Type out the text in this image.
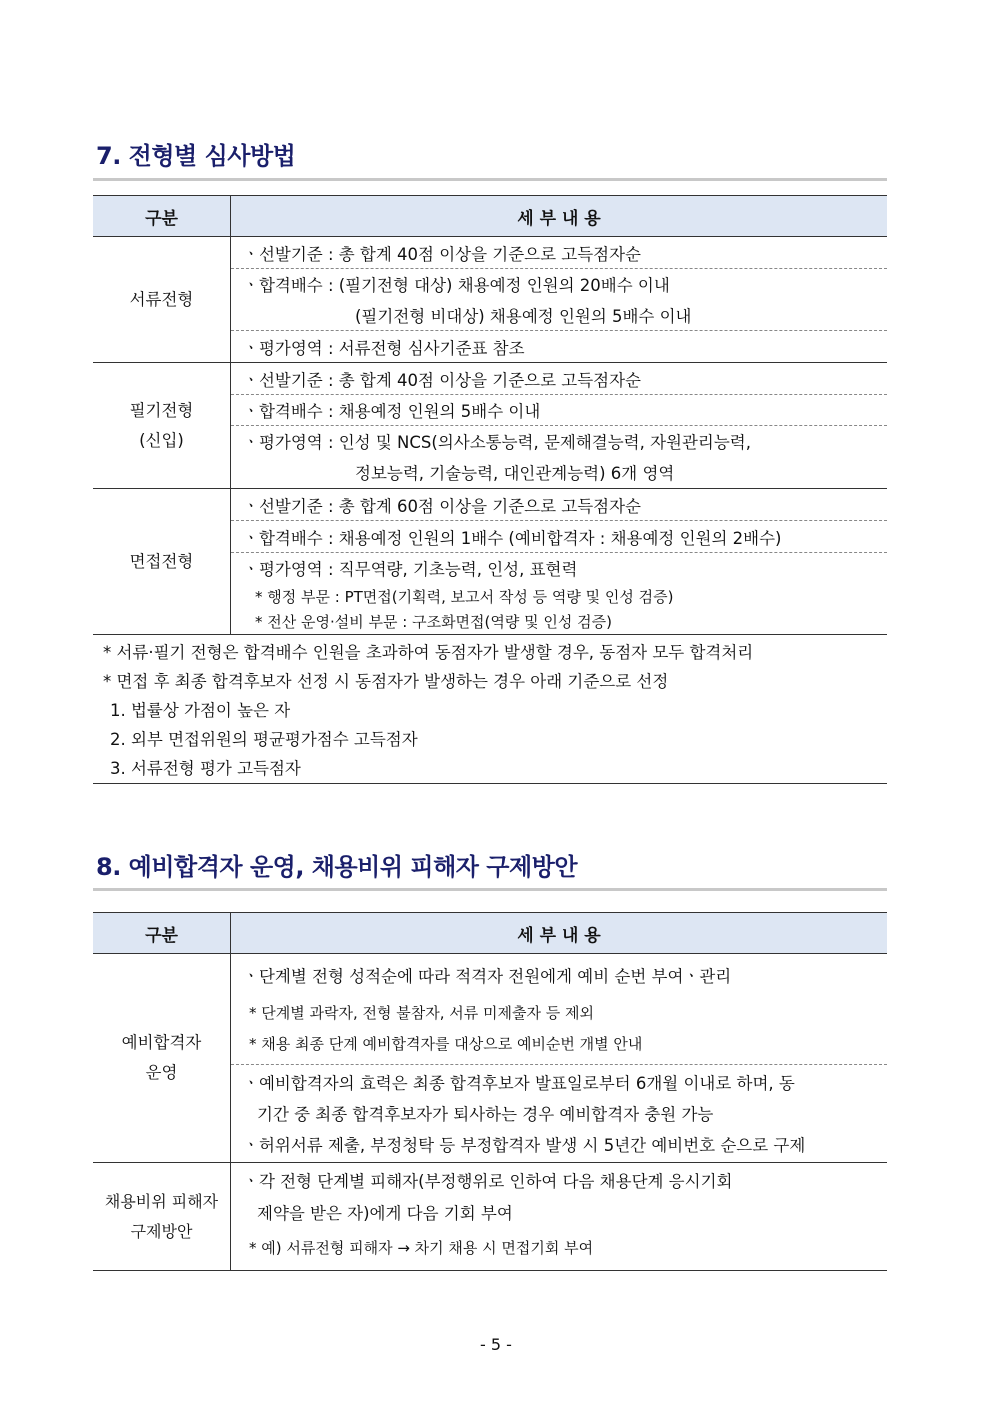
7. 전형별 심사방법
구분	세 부 내 용
서류전형	ㆍ선발기준 : 총 합계 40점 이상을 기준으로 고득점자순
	ㆍ합격배수 : (필기전형 대상) 채용예정 인원의 20배수 이내
	(필기전형 비대상) 채용예정 인원의 5배수 이내
	ㆍ평가영역 : 서류전형 심사기준표 참조

필기전형
(신입)	ㆍ선발기준 : 총 합계 40점 이상을 기준으로 고득점자순
	ㆍ합격배수 : 채용예정 인원의 5배수 이내
	ㆍ평가영역 : 인성 및 NCS(의사소통능력, 문제해결능력, 자원관리능력,
	정보능력, 기술능력, 대인관계능력) 6개 영역
면접전형	ㆍ선발기준 : 총 합계 60점 이상을 기준으로 고득점자순
	ㆍ합격배수 : 채용예정 인원의 1배수 (예비합격자 : 채용예정 인원의 2배수)
	ㆍ평가영역 : 직무역량, 기초능력, 인성, 표현력
	* 행정 부문 : PT면접(기획력, 보고서 작성 등 역량 및 인성 검증)
	* 전산 운영·설비 부문 : 구조화면접(역량 및 인성 검증)
* 서류·필기 전형은 합격배수 인원을 초과하여 동점자가 발생할 경우, 동점자 모두 합격처리
* 면접 후 최종 합격후보자 선정 시 동점자가 발생하는 경우 아래 기준으로 선정
1. 법률상 가점이 높은 자
2. 외부 면접위원의 평균평가점수 고득점자
3. 서류전형 평가 고득점자
8. 예비합격자 운영, 채용비위 피해자 구제방안
구분	세 부 내 용

예비합격자
운영	ㆍ단계별 전형 성적순에 따라 적격자 전원에게 예비 순번 부여ㆍ관리
	* 단계별 과락자, 전형 불참자, 서류 미제출자 등 제외
	* 채용 최종 단계 예비합격자를 대상으로 예비순번 개별 안내
	ㆍ예비합격자의 효력은 최종 합격후보자 발표일로부터 6개월 이내로 하며, 동
	기간 중 최종 합격후보자가 퇴사하는 경우 예비합격자 충원 가능
	ㆍ허위서류 제출, 부정청탁 등 부정합격자 발생 시 5년간 예비번호 순으로 구제

채용비위 피해자
구제방안	ㆍ각 전형 단계별 피해자(부정행위로 인하여 다음 채용단계 응시기회
	제약을 받은 자)에게 다음 기회 부여
	* 예) 서류전형 피해자 → 차기 채용 시 면접기회 부여
- 5 -
